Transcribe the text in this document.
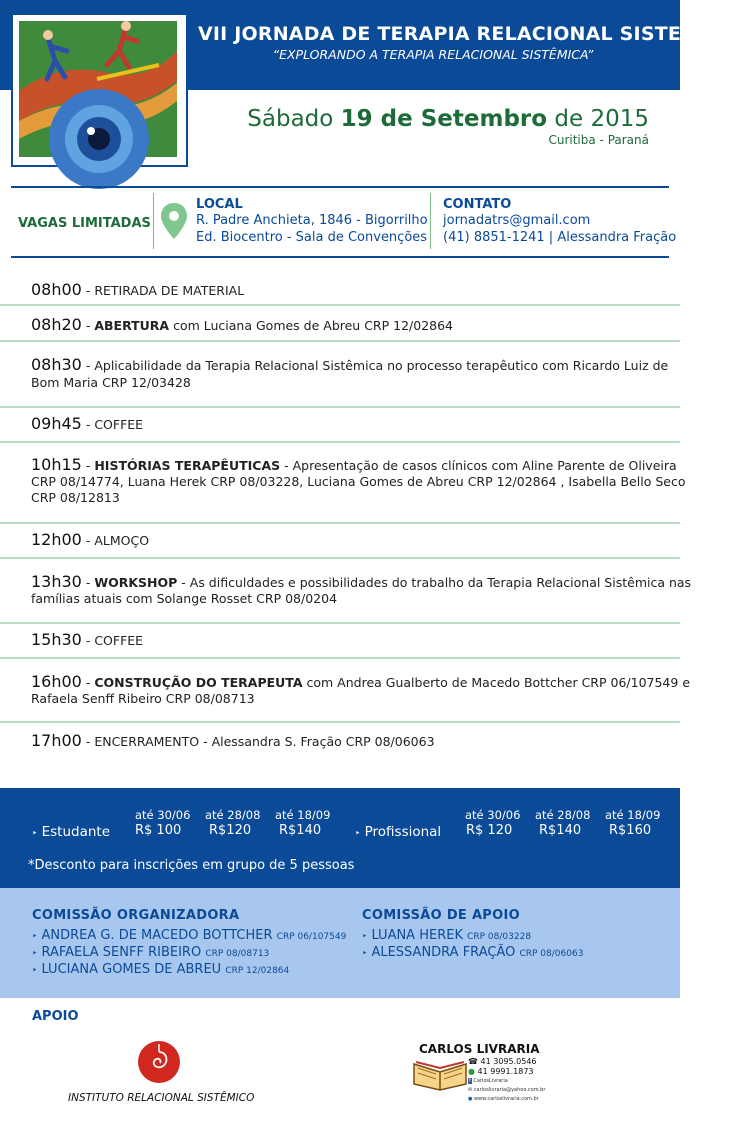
VII JORNADA DE TERAPIA RELACIONAL SISTEMICA
“EXPLORANDO A TERAPIA RELACIONAL SISTÊMICA”
Sábado 19 de Setembro de 2015
Curitiba - Paraná
VAGAS LIMITADAS
LOCAL
R. Padre Anchieta, 1846 - Bigorrilho
Ed. Biocentro - Sala de Convenções
CONTATO
jornadatrs@gmail.com
(41) 8851-1241 | Alessandra Fração
08h00 - RETIRADA DE MATERIAL
08h20 - ABERTURA com Luciana Gomes de Abreu CRP 12/02864
08h30 - Aplicabilidade da Terapia Relacional Sistêmica no processo terapêutico com Ricardo Luiz de
Bom Maria CRP 12/03428
09h45 - COFFEE
10h15 - HISTÓRIAS TERAPÊUTICAS - Apresentação de casos clínicos com Aline Parente de Oliveira
CRP 08/14774, Luana Herek CRP 08/03228, Luciana Gomes de Abreu CRP 12/02864 , Isabella Bello Seco
CRP 08/12813
12h00 - ALMOÇO
13h30 - WORKSHOP - As dificuldades e possibilidades do trabalho da Terapia Relacional Sistêmica nas
famílias atuais com Solange Rosset CRP 08/0204
15h30 - COFFEE
16h00 - CONSTRUÇÃO DO TERAPEUTA com Andrea Gualberto de Macedo Bottcher CRP 06/107549 e
Rafaela Senff Ribeiro CRP 08/08713
17h00 - ENCERRAMENTO - Alessandra S. Fração CRP 08/06063
até 30/06 até 28/08 até 18/09
‣ Estudante R$ 100 R$120 R$140
até 30/06 até 28/08 até 18/09
‣ Profissional R$ 120 R$140 R$160
*Desconto para inscrições em grupo de 5 pessoas
COMISSÃO ORGANIZADORA
‣ ANDREA G. DE MACEDO BOTTCHER CRP 06/107549
‣ RAFAELA SENFF RIBEIRO CRP 08/08713
‣ LUCIANA GOMES DE ABREU CRP 12/02864
COMISSÃO DE APOIO
‣ LUANA HEREK CRP 08/03228
‣ ALESSANDRA FRAÇÃO CRP 08/06063
APOIO
INSTITUTO RELACIONAL SISTÊMICO
CARLOS LIVRARIA
☎ 41 3095.0546
● 41 9991.1873
f CarlosLivraria
✉ carloslivraria@yahoo.com.br
● www.carloslivraria.com.br
